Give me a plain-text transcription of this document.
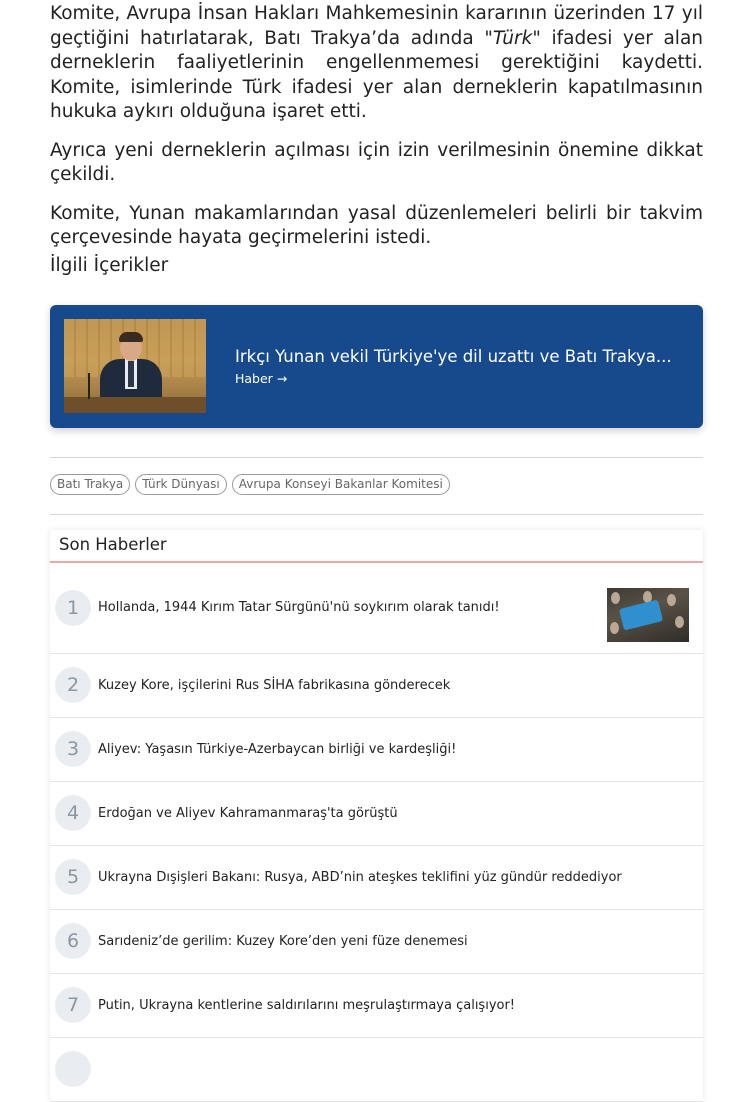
Komite, Avrupa İnsan Hakları Mahkemesinin kararının üzerinden 17 yıl geçtiğini hatırlatarak, Batı Trakya’da adında "Türk" ifadesi yer alan derneklerin faaliyetlerinin engellenmemesi gerektiğini kaydetti. Komite, isimlerinde Türk ifadesi yer alan derneklerin kapatılmasının hukuka aykırı olduğuna işaret etti.

Ayrıca yeni derneklerin açılması için izin verilmesinin önemine dikkat çekildi.

Komite, Yunan makamlarından yasal düzenlemeleri belirli bir takvim çerçevesinde hayata geçirmelerini istedi.

İlgili İçerikler
Irkçı Yunan vekil Türkiye'ye dil uzattı ve Batı Trakya...
Haber →
Batı Trakya	Türk Dünyası	Avrupa Konseyi Bakanlar Komitesi
Son Haberler
1	Hollanda, 1944 Kırım Tatar Sürgünü'nü soykırım olarak tanıdı!
2	Kuzey Kore, işçilerini Rus SİHA fabrikasına gönderecek
3	Aliyev: Yaşasın Türkiye-Azerbaycan birliği ve kardeşliği!
4	Erdoğan ve Aliyev Kahramanmaraş'ta görüştü
5	Ukrayna Dışişleri Bakanı: Rusya, ABD’nin ateşkes teklifini yüz gündür reddediyor
6	Sarıdeniz’de gerilim: Kuzey Kore’den yeni füze denemesi
7	Putin, Ukrayna kentlerine saldırılarını meşrulaştırmaya çalışıyor!
